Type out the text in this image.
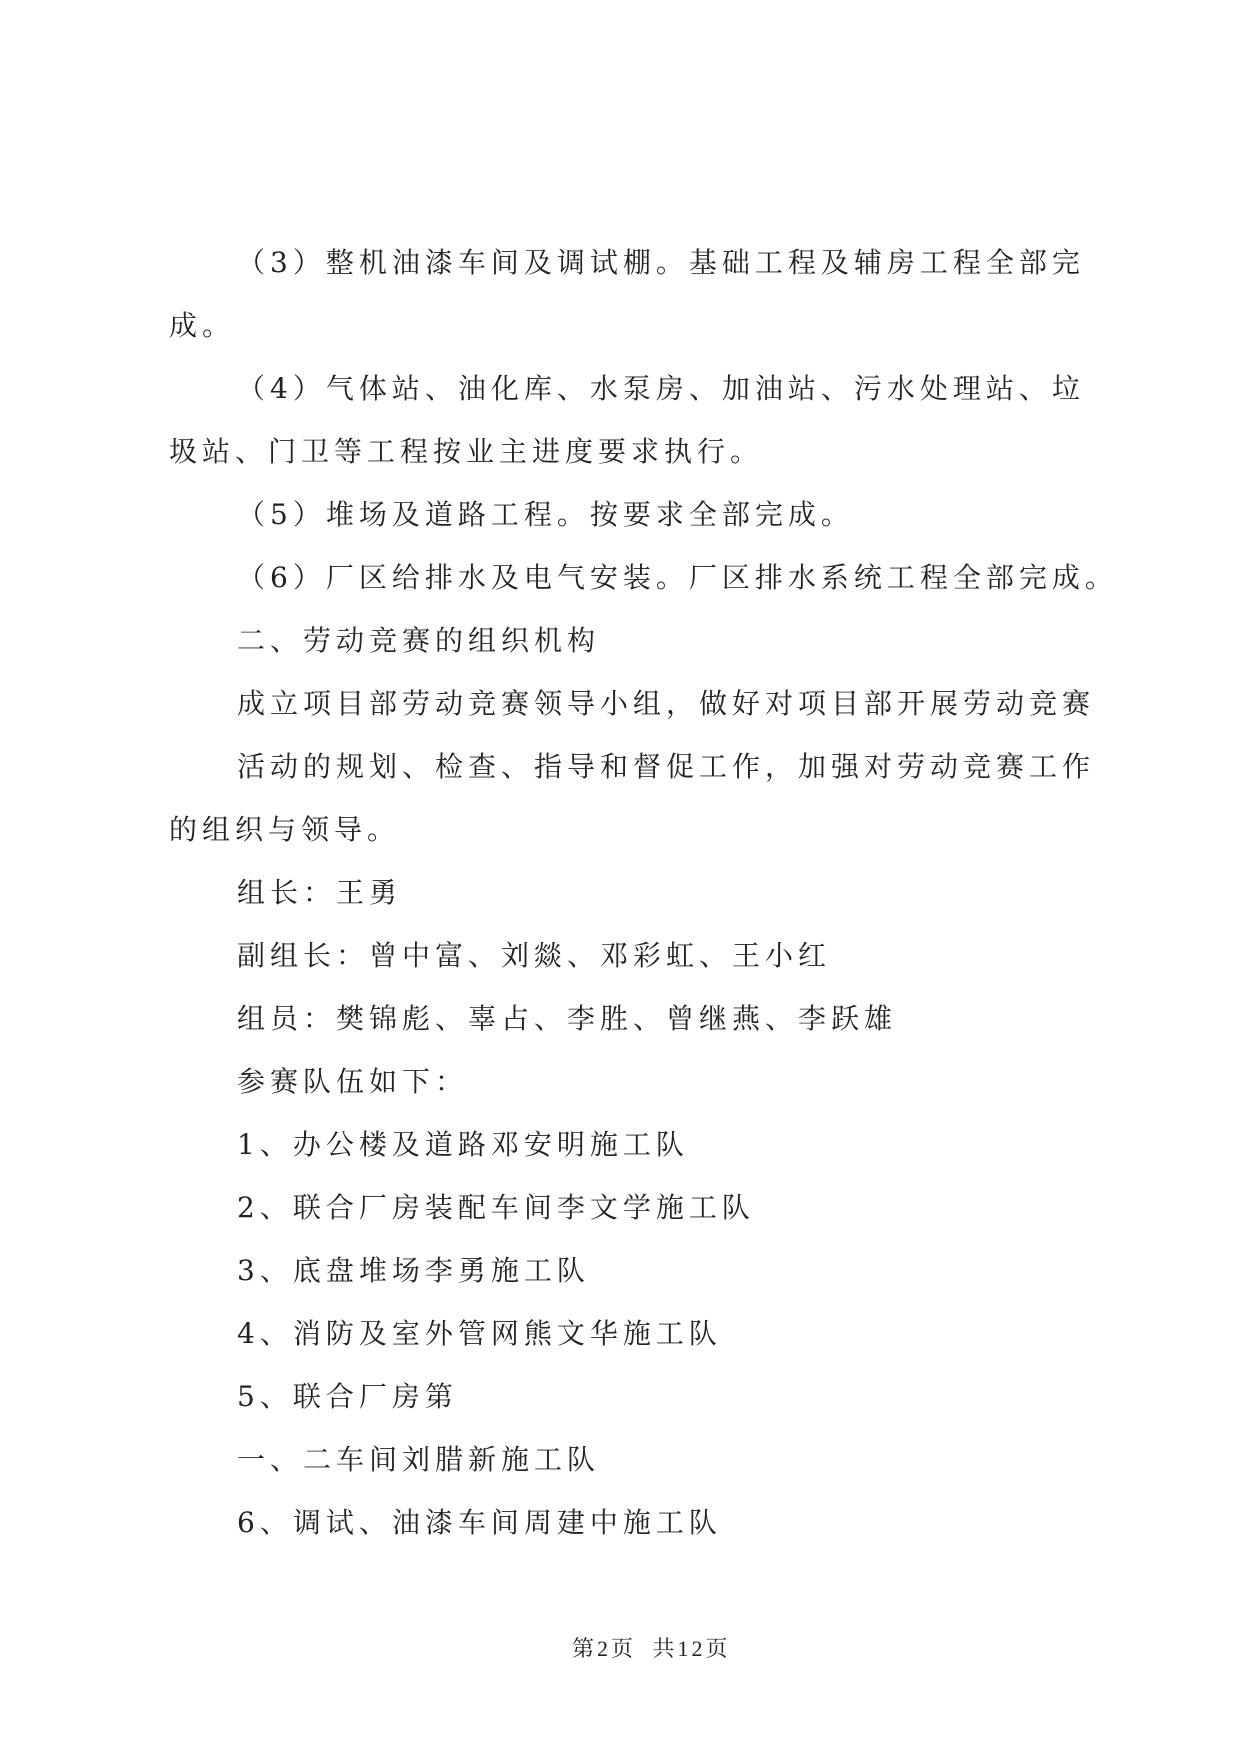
（3）整机油漆车间及调试棚。基础工程及辅房工程全部完
成。
（4）气体站、油化库、水泵房、加油站、污水处理站、垃
圾站、门卫等工程按业主进度要求执行。
（5）堆场及道路工程。按要求全部完成。
（6）厂区给排水及电气安装。厂区排水系统工程全部完成。
二、劳动竞赛的组织机构
成立项目部劳动竞赛领导小组，做好对项目部开展劳动竞赛
活动的规划、检查、指导和督促工作，加强对劳动竞赛工作
的组织与领导。
组长：王勇
副组长：曾中富、刘燚、邓彩虹、王小红
组员：樊锦彪、辜占、李胜、曾继燕、李跃雄
参赛队伍如下：
1、办公楼及道路邓安明施工队
2、联合厂房装配车间李文学施工队
3、底盘堆场李勇施工队
4、消防及室外管网熊文华施工队
5、联合厂房第
一、二车间刘腊新施工队
6、调试、油漆车间周建中施工队
第2页 共12页
